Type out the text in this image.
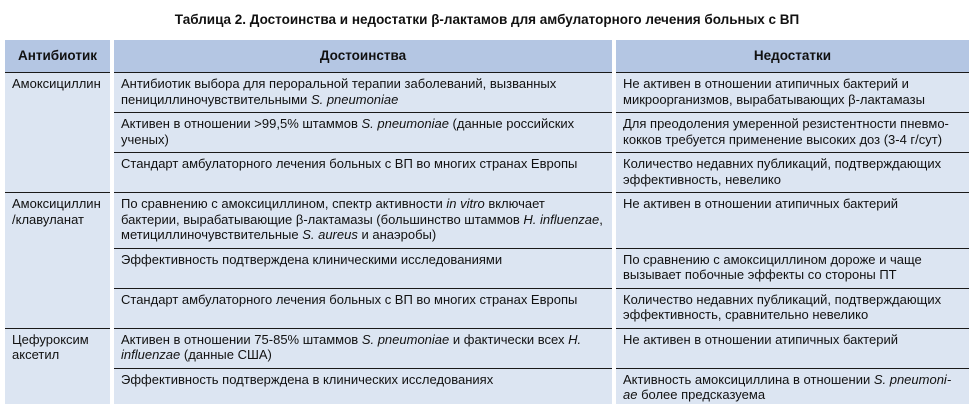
Таблица 2. Достоинства и недостатки β-лактамов для амбулаторного лечения больных с ВП
Антибиотик		Достоинства		Недостатки
Амоксициллин		Антибиотик выбора для пероральной терапии заболеваний, вызванных пенициллиночувствительными S. pneumoniae		Не активен в отношении атипичных бактерий и микроорганизмов, вырабатывающих β-лактамазы
		Активен в отношении >99,5% штаммов S. pneumoniae (данные российских ученых)		Для преодоления умеренной резистентности пневмо-
кокков требуется применение высоких доз (3-4 г/сут)
		Стандарт амбулаторного лечения больных с ВП во многих странах Европы		Количество недавних публикаций, подтверждающих эффективность, невелико
Амоксициллин/клавуланат		По сравнению с амоксициллином, спектр активности in vitro включает бактерии, вырабатывающие β-лактамазы (большинство штаммов H. influenzae, метициллиночувствительные S. aureus и анаэробы)		Не активен в отношении атипичных бактерий
		Эффективность подтверждена клиническими исследованиями		По сравнению с амоксициллином дороже и чаще вызывает побочные эффекты со стороны ПТ
		Стандарт амбулаторного лечения больных с ВП во многих странах Европы		Количество недавних публикаций, подтверждающих эффективность, сравнительно невелико
Цефуроксим аксетил		Активен в отношении 75-85% штаммов S. pneumoniae и фактически всех H. influenzae (данные США)		Не активен в отношении атипичных бактерий
		Эффективность подтверждена в клинических исследованиях		Активность амоксициллина в отношении S. pneumoni-
ае более предсказуема
